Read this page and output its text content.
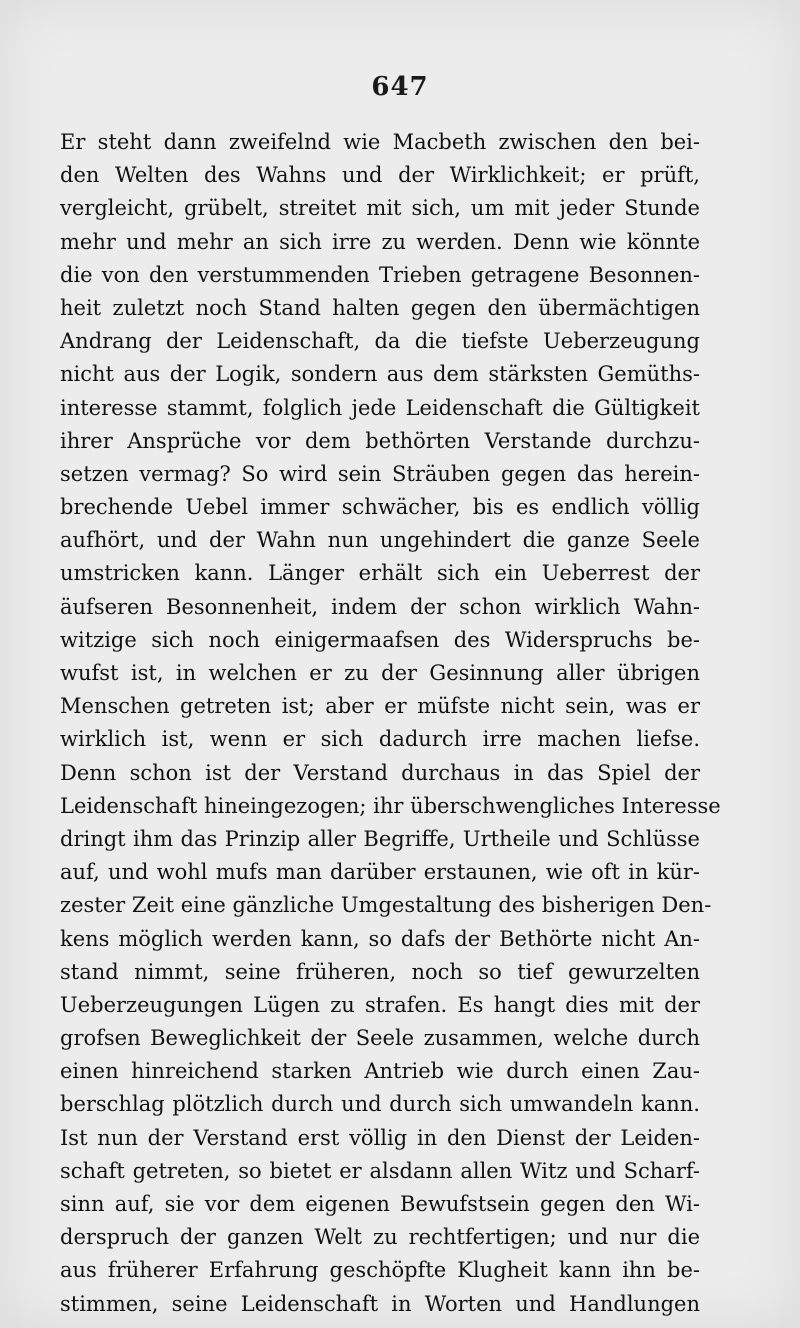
647
Er steht dann zweifelnd wie Macbeth zwischen den bei-
den Welten des Wahns und der Wirklichkeit; er prüft,
vergleicht, grübelt, streitet mit sich, um mit jeder Stunde
mehr und mehr an sich irre zu werden. Denn wie könnte
die von den verstummenden Trieben getragene Besonnen-
heit zuletzt noch Stand halten gegen den übermächtigen
Andrang der Leidenschaft, da die tiefste Ueberzeugung
nicht aus der Logik, sondern aus dem stärksten Gemüths-
interesse stammt, folglich jede Leidenschaft die Gültigkeit
ihrer Ansprüche vor dem bethörten Verstande durchzu-
setzen vermag? So wird sein Sträuben gegen das herein-
brechende Uebel immer schwächer, bis es endlich völlig
aufhört, und der Wahn nun ungehindert die ganze Seele
umstricken kann. Länger erhält sich ein Ueberrest der
äufseren Besonnenheit, indem der schon wirklich Wahn-
witzige sich noch einigermaafsen des Widerspruchs be-
wufst ist, in welchen er zu der Gesinnung aller übrigen
Menschen getreten ist; aber er müfste nicht sein, was er
wirklich ist, wenn er sich dadurch irre machen liefse.
Denn schon ist der Verstand durchaus in das Spiel der
Leidenschaft hineingezogen; ihr überschwengliches Interesse
dringt ihm das Prinzip aller Begriffe, Urtheile und Schlüsse
auf, und wohl mufs man darüber erstaunen, wie oft in kür-
zester Zeit eine gänzliche Umgestaltung des bisherigen Den-
kens möglich werden kann, so dafs der Bethörte nicht An-
stand nimmt, seine früheren, noch so tief gewurzelten
Ueberzeugungen Lügen zu strafen. Es hangt dies mit der
grofsen Beweglichkeit der Seele zusammen, welche durch
einen hinreichend starken Antrieb wie durch einen Zau-
berschlag plötzlich durch und durch sich umwandeln kann.
Ist nun der Verstand erst völlig in den Dienst der Leiden-
schaft getreten, so bietet er alsdann allen Witz und Scharf-
sinn auf, sie vor dem eigenen Bewufstsein gegen den Wi-
derspruch der ganzen Welt zu rechtfertigen; und nur die
aus früherer Erfahrung geschöpfte Klugheit kann ihn be-
stimmen, seine Leidenschaft in Worten und Handlungen
